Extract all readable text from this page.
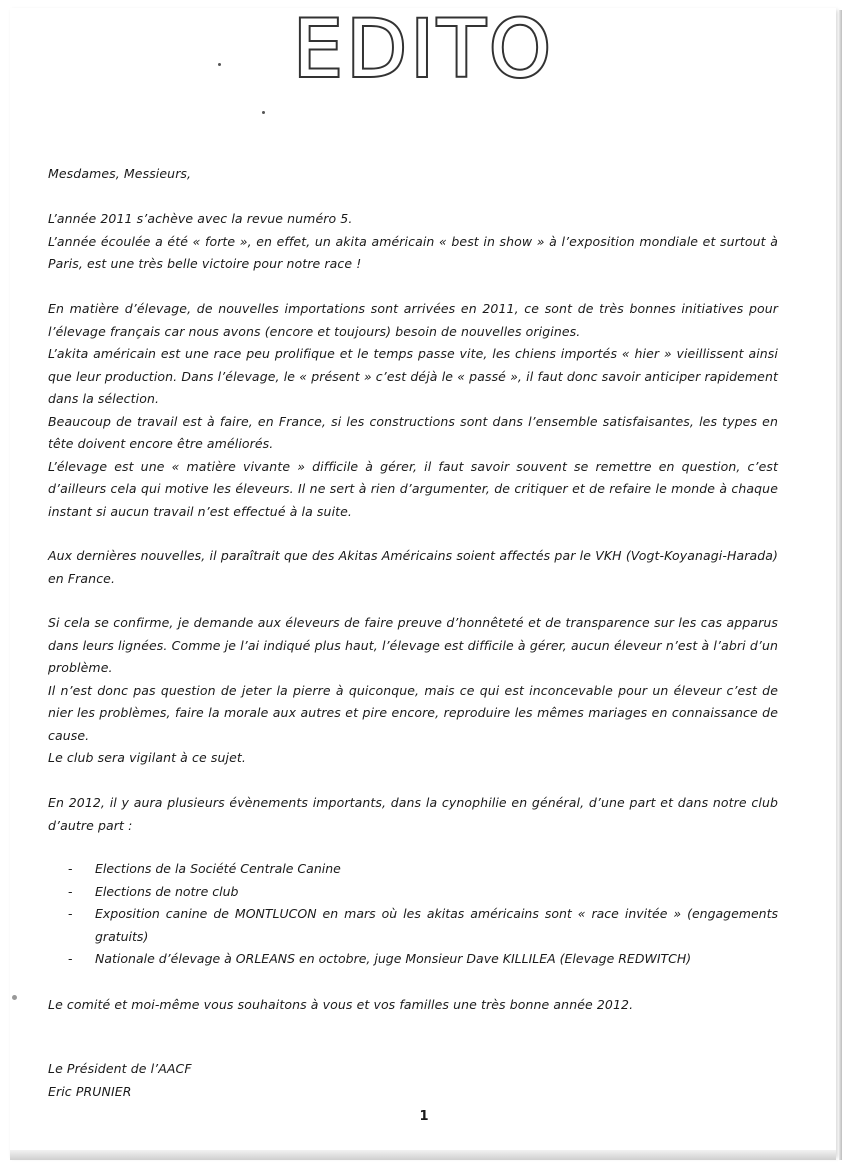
EDITO

Mesdames, Messieurs,

L’année 2011 s’achève avec la revue numéro 5.

L’année écoulée a été « forte », en effet, un akita américain « best in show » à l’exposition mondiale et surtout à Paris, est une très belle victoire pour notre race !

En matière d’élevage, de nouvelles importations sont arrivées en 2011, ce sont de très bonnes initiatives pour l’élevage français car nous avons (encore et toujours) besoin de nouvelles origines.

L’akita américain est une race peu prolifique et le temps passe vite, les chiens importés « hier » vieillissent ainsi que leur production. Dans l’élevage, le « présent » c’est déjà le « passé », il faut donc savoir anticiper rapidement dans la sélection.

Beaucoup de travail est à faire, en France, si les constructions sont dans l’ensemble satisfaisantes, les types en tête doivent encore être améliorés.

L’élevage est une « matière vivante » difficile à gérer, il faut savoir souvent se remettre en question, c’est d’ailleurs cela qui motive les éleveurs. Il ne sert à rien d’argumenter, de critiquer et de refaire le monde à chaque instant si aucun travail n’est effectué à la suite.

Aux dernières nouvelles, il paraîtrait que des Akitas Américains soient affectés par le VKH (Vogt-Koyanagi-Harada) en France.

Si cela se confirme, je demande aux éleveurs de faire preuve d’honnêteté et de transparence sur les cas apparus dans leurs lignées. Comme je l’ai indiqué plus haut, l’élevage est difficile à gérer, aucun éleveur n’est à l’abri d’un problème.

Il n’est donc pas question de jeter la pierre à quiconque, mais ce qui est inconcevable pour un éleveur c’est de nier les problèmes, faire la morale aux autres et pire encore, reproduire les mêmes mariages en connaissance de cause.

Le club sera vigilant à ce sujet.

En 2012, il y aura plusieurs évènements importants, dans la cynophilie en général, d’une part et dans notre club d’autre part :

- Elections de la Société Centrale Canine
- Elections de notre club
- Exposition canine de MONTLUCON en mars où les akitas américains sont « race invitée » (engagements gratuits)
- Nationale d’élevage à ORLEANS en octobre, juge Monsieur Dave KILLILEA (Elevage REDWITCH)

Le comité et moi-même vous souhaitons à vous et vos familles une très bonne année 2012.

Le Président de l’AACF

Eric PRUNIER

1
